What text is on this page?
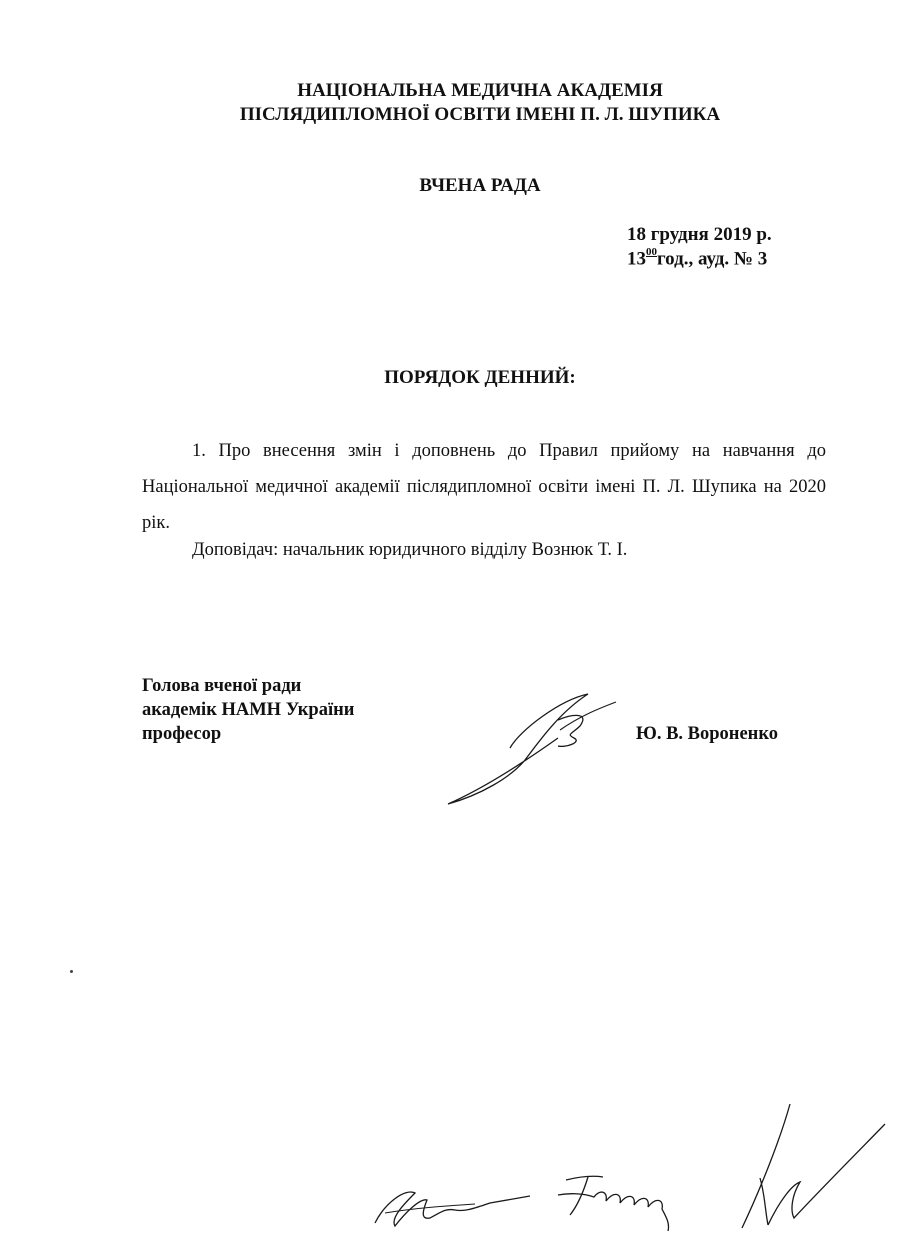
НАЦІОНАЛЬНА МЕДИЧНА АКАДЕМІЯ
ПІСЛЯДИПЛОМНОЇ ОСВІТИ ІМЕНІ П. Л. ШУПИКА
ВЧЕНА РАДА
18 грудня 2019 р.
$13^{00}год$., ауд. № 3
ПОРЯДОК ДЕННИЙ:
1. Про внесення змін і доповнень до Правил прийому на навчання до Національної медичної академії післядипломної освіти імені П. Л. Шупика на 2020 рік.
Доповідач: начальник юридичного відділу Вознюк Т. І.
Голова вченої ради
академік НАМН України
професор	Ю. В. Вороненко
